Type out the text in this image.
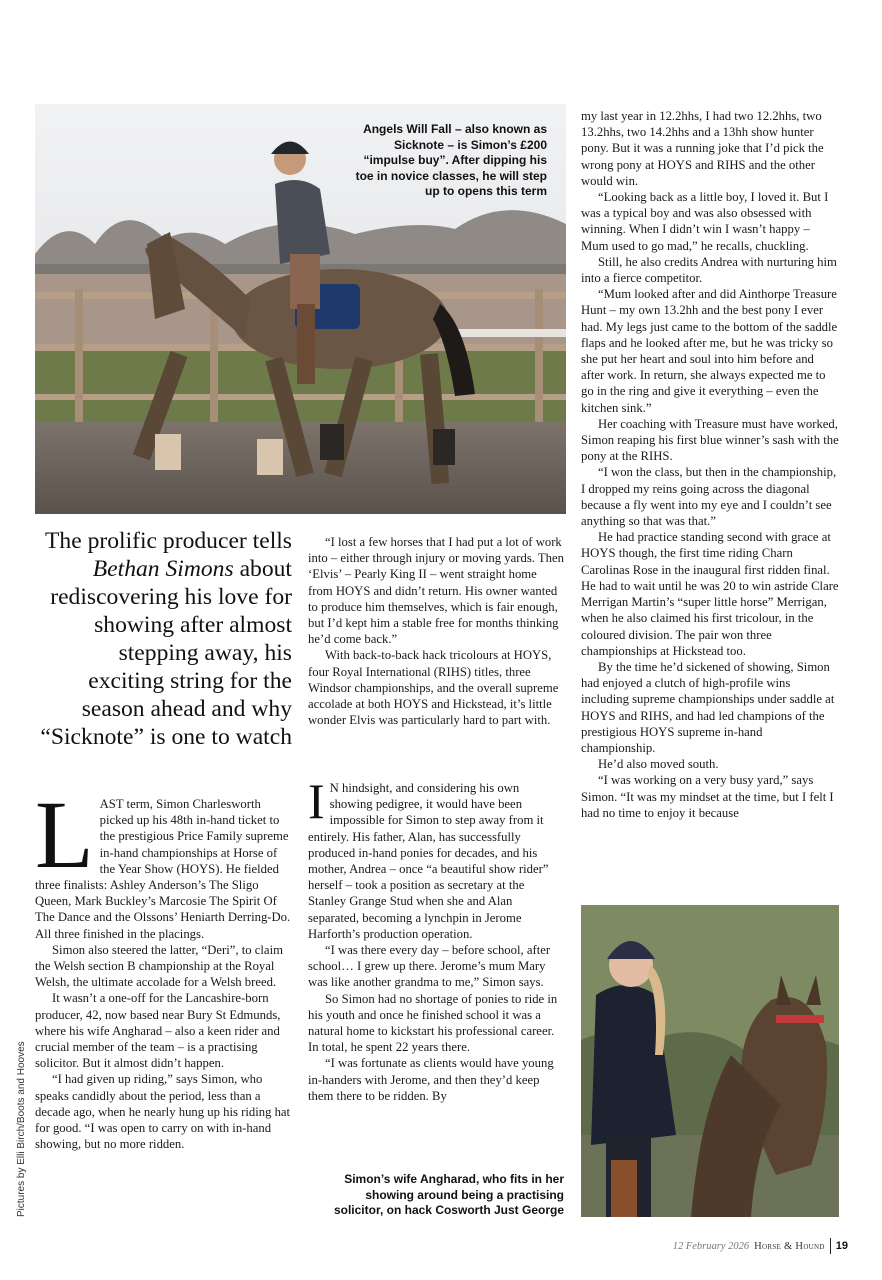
Angels Will Fall – also known as Sicknote – is Simon’s £200 “impulse buy”. After dipping his toe in novice classes, he will step up to opens this term
The prolific producer tells Bethan Simons about rediscovering his love for showing after almost stepping away, his exciting string for the season ahead and why “Sicknote” is one to watch
Pictures by Elli Birch/Boots and Hooves
L AST term, Simon Charlesworth picked up his 48th in-hand ticket to the prestigious Price Family supreme in-hand championships at Horse of the Year Show (HOYS). He fielded three finalists: Ashley Anderson’s The Sligo Queen, Mark Buckley’s Marcosie The Spirit Of The Dance and the Olssons’ Heniarth Derring-Do. All three finished in the placings.

Simon also steered the latter, “Deri”, to claim the Welsh section B championship at the Royal Welsh, the ultimate accolade for a Welsh breed.

It wasn’t a one-off for the Lancashire-born producer, 42, now based near Bury St Edmunds, where his wife Angharad – also a keen rider and crucial member of the team – is a practising solicitor. But it almost didn’t happen.

“I had given up riding,” says Simon, who speaks candidly about the period, less than a decade ago, when he nearly hung up his riding hat for good. “I was open to carry on with in-hand showing, but no more ridden.

“I lost a few horses that I had put a lot of work into – either through injury or moving yards. Then ‘Elvis’ – Pearly King II – went straight home from HOYS and didn’t return. His owner wanted to produce him themselves, which is fair enough, but I’d kept him a stable free for months thinking he’d come back.”

With back-to-back hack tricolours at HOYS, four Royal International (RIHS) titles, three Windsor championships, and the overall supreme accolade at both HOYS and Hickstead, it’s little wonder Elvis was particularly hard to part with.

I N hindsight, and considering his own showing pedigree, it would have been impossible for Simon to step away from it entirely. His father, Alan, has successfully produced in-hand ponies for decades, and his mother, Andrea – once “a beautiful show rider” herself – took a position as secretary at the Stanley Grange Stud when she and Alan separated, becoming a lynchpin in Jerome Harforth’s production operation.

“I was there every day – before school, after school… I grew up there. Jerome’s mum Mary was like another grandma to me,” Simon says.

So Simon had no shortage of ponies to ride in his youth and once he finished school it was a natural home to kickstart his professional career. In total, he spent 22 years there.

“I was fortunate as clients would have young in-handers with Jerome, and then they’d keep them there to be ridden. By

Simon’s wife Angharad, who fits in her showing around being a practising solicitor, on hack Cosworth Just George

my last year in 12.2hhs, I had two 12.2hhs, two 13.2hhs, two 14.2hhs and a 13hh show hunter pony. But it was a running joke that I’d pick the wrong pony at HOYS and RIHS and the other would win.

“Looking back as a little boy, I loved it. But I was a typical boy and was also obsessed with winning. When I didn’t win I wasn’t happy – Mum used to go mad,” he recalls, chuckling.

Still, he also credits Andrea with nurturing him into a fierce competitor.

“Mum looked after and did Ainthorpe Treasure Hunt – my own 13.2hh and the best pony I ever had. My legs just came to the bottom of the saddle flaps and he looked after me, but he was tricky so she put her heart and soul into him before and after work. In return, she always expected me to go in the ring and give it everything – even the kitchen sink.”

Her coaching with Treasure must have worked, Simon reaping his first blue winner’s sash with the pony at the RIHS.

“I won the class, but then in the championship, I dropped my reins going across the diagonal because a fly went into my eye and I couldn’t see anything so that was that.”

He had practice standing second with grace at HOYS though, the first time riding Charn Carolinas Rose in the inaugural first ridden final. He had to wait until he was 20 to win astride Clare Merrigan Martin’s “super little horse” Merrigan, when he also claimed his first tricolour, in the coloured division. The pair won three championships at Hickstead too.

By the time he’d sickened of showing, Simon had enjoyed a clutch of high-profile wins including supreme championships under saddle at HOYS and RIHS, and had led champions of the prestigious HOYS supreme in-hand championship.

He’d also moved south.

“I was working on a very busy yard,” says Simon. “It was my mindset at the time, but I felt I had no time to enjoy it because

12 February 2026 Horse & Hound 19
